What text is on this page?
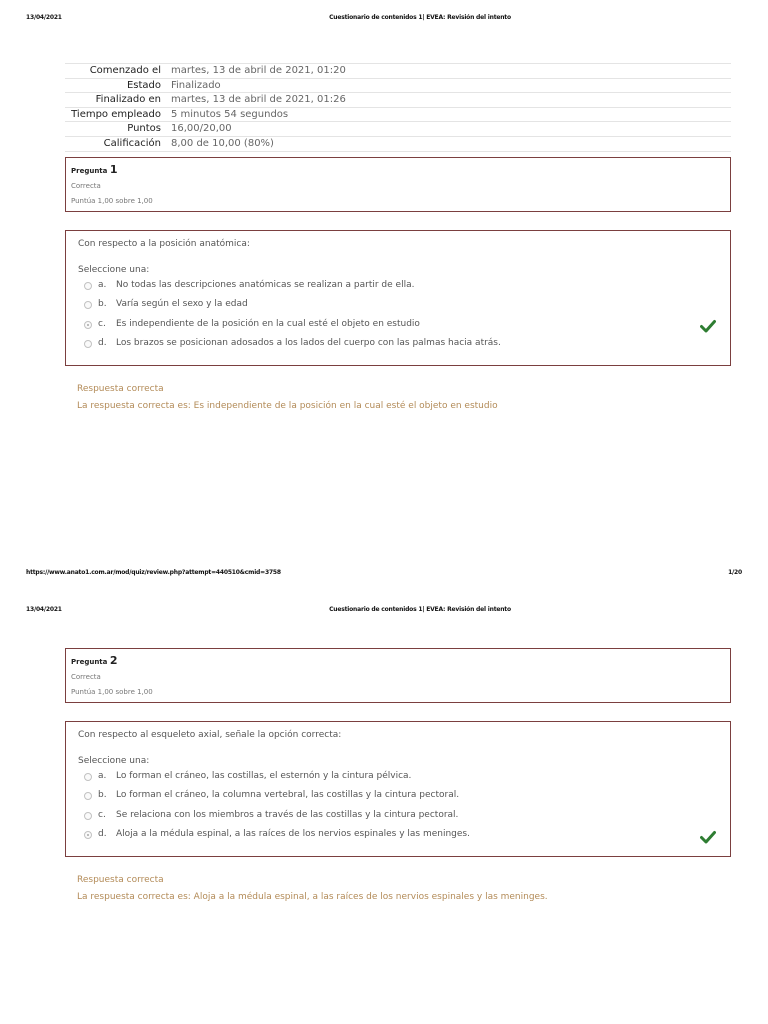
13/04/2021	Cuestionario de contenidos 1| EVEA: Revisión del intento
Comenzado el martes, 13 de abril de 2021, 01:20
Estado Finalizado
Finalizado en martes, 13 de abril de 2021, 01:26
Tiempo empleado 5 minutos 54 segundos
Puntos 16,00/20,00
Calificación 8,00 de 10,00 (80%)
Pregunta 1
Correcta
Puntúa 1,00 sobre 1,00
Con respecto a la posición anatómica:
Seleccione una:
a. No todas las descripciones anatómicas se realizan a partir de ella.
b. Varía según el sexo y la edad
c. Es independiente de la posición en la cual esté el objeto en estudio
d. Los brazos se posicionan adosados a los lados del cuerpo con las palmas hacia atrás.
Respuesta correcta
La respuesta correcta es: Es independiente de la posición en la cual esté el objeto en estudio
https://www.anato1.com.ar/mod/quiz/review.php?attempt=440510&cmid=3758	1/20
13/04/2021	Cuestionario de contenidos 1| EVEA: Revisión del intento
Pregunta 2
Correcta
Puntúa 1,00 sobre 1,00
Con respecto al esqueleto axial, señale la opción correcta:
Seleccione una:
a. Lo forman el cráneo, las costillas, el esternón y la cintura pélvica.
b. Lo forman el cráneo, la columna vertebral, las costillas y la cintura pectoral.
c. Se relaciona con los miembros a través de las costillas y la cintura pectoral.
d. Aloja a la médula espinal, a las raíces de los nervios espinales y las meninges.
Respuesta correcta
La respuesta correcta es: Aloja a la médula espinal, a las raíces de los nervios espinales y las meninges.
